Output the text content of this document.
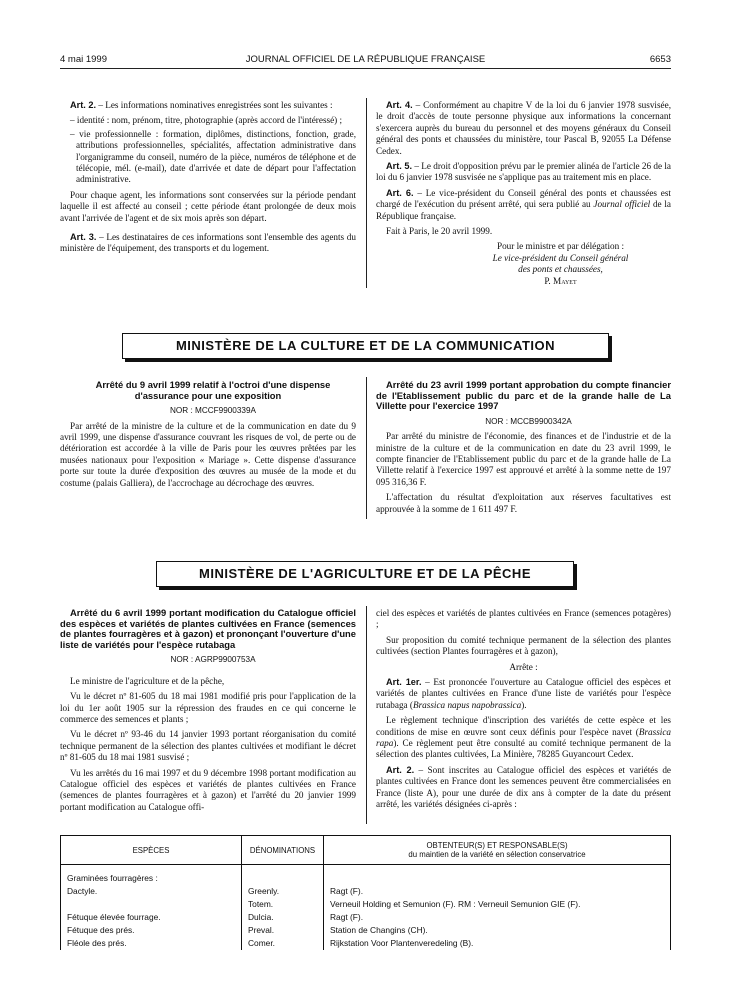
4 mai 1999	JOURNAL OFFICIEL DE LA RÉPUBLIQUE FRANÇAISE	6653

Art. 2. – Les informations nominatives enregistrées sont les suivantes :

– identité : nom, prénom, titre, photographie (après accord de l'intéressé) ;
– vie professionnelle : formation, diplômes, distinctions, fonction, grade, attributions professionnelles, spécialités, affectation administrative dans l'organigramme du conseil, numéro de la pièce, numéros de téléphone et de télécopie, mél. (e-mail), date d'arrivée et date de départ pour l'affectation administrative.

Pour chaque agent, les informations sont conservées sur la période pendant laquelle il est affecté au conseil ; cette période étant prolongée de deux mois avant l'arrivée de l'agent et de six mois après son départ.

Art. 3. – Les destinataires de ces informations sont l'ensemble des agents du ministère de l'équipement, des transports et du logement.

Art. 4. – Conformément au chapitre V de la loi du 6 janvier 1978 susvisée, le droit d'accès de toute personne physique aux informations la concernant s'exercera auprès du bureau du personnel et des moyens généraux du Conseil général des ponts et chaussées du ministère, tour Pascal B, 92055 La Défense Cedex.

Art. 5. – Le droit d'opposition prévu par le premier alinéa de l'article 26 de la loi du 6 janvier 1978 susvisée ne s'applique pas au traitement mis en place.

Art. 6. – Le vice-président du Conseil général des ponts et chaussées est chargé de l'exécution du présent arrêté, qui sera publié au Journal officiel de la République française.

Fait à Paris, le 20 avril 1999.

Pour le ministre et par délégation :
Le vice-président du Conseil général
des ponts et chaussées,
P. Mayet
MINISTÈRE DE LA CULTURE ET DE LA COMMUNICATION

Arrêté du 9 avril 1999 relatif à l'octroi d'une dispense d'assurance pour une exposition

NOR : MCCF9900339A

Par arrêté de la ministre de la culture et de la communication en date du 9 avril 1999, une dispense d'assurance couvrant les risques de vol, de perte ou de détérioration est accordée à la ville de Paris pour les œuvres prêtées par les musées nationaux pour l'exposition « Mariage ». Cette dispense d'assurance porte sur toute la durée d'exposition des œuvres au musée de la mode et du costume (palais Galliera), de l'accrochage au décrochage des œuvres.

Arrêté du 23 avril 1999 portant approbation du compte financier de l'Etablissement public du parc et de la grande halle de La Villette pour l'exercice 1997

NOR : MCCB9900342A

Par arrêté du ministre de l'économie, des finances et de l'industrie et de la ministre de la culture et de la communication en date du 23 avril 1999, le compte financier de l'Etablissement public du parc et de la grande halle de La Villette relatif à l'exercice 1997 est approuvé et arrêté à la somme nette de 197 095 316,36 F.

L'affectation du résultat d'exploitation aux réserves facultatives est approuvée à la somme de 1 611 497 F.

MINISTÈRE DE L'AGRICULTURE ET DE LA PÊCHE

Arrêté du 6 avril 1999 portant modification du Catalogue officiel des espèces et variétés de plantes cultivées en France (semences de plantes fourragères et à gazon) et prononçant l'ouverture d'une liste de variétés pour l'espèce rutabaga

NOR : AGRP9900753A

Le ministre de l'agriculture et de la pêche,

Vu le décret nº 81-605 du 18 mai 1981 modifié pris pour l'application de la loi du 1er août 1905 sur la répression des fraudes en ce qui concerne le commerce des semences et plants ;

Vu le décret nº 93-46 du 14 janvier 1993 portant réorganisation du comité technique permanent de la sélection des plantes cultivées et modifiant le décret nº 81-605 du 18 mai 1981 susvisé ;

Vu les arrêtés du 16 mai 1997 et du 9 décembre 1998 portant modification au Catalogue officiel des espèces et variétés de plantes cultivées en France (semences de plantes fourragères et à gazon) et l'arrêté du 20 janvier 1999 portant modification au Catalogue offi-

ciel des espèces et variétés de plantes cultivées en France (semences potagères) ;

Sur proposition du comité technique permanent de la sélection des plantes cultivées (section Plantes fourragères et à gazon),

Arrête :

Art. 1er. – Est prononcée l'ouverture au Catalogue officiel des espèces et variétés de plantes cultivées en France d'une liste de variétés pour l'espèce rutabaga (Brassica napus napobrassica).

Le règlement technique d'inscription des variétés de cette espèce et les conditions de mise en œuvre sont ceux définis pour l'espèce navet (Brassica rapa). Ce règlement peut être consulté au comité technique permanent de la sélection des plantes cultivées, La Minière, 78285 Guyancourt Cedex.

Art. 2. – Sont inscrites au Catalogue officiel des espèces et variétés de plantes cultivées en France dont les semences peuvent être commercialisées en France (liste A), pour une durée de dix ans à compter de la date du présent arrêté, les variétés désignées ci-après :

ESPÈCES	DÉNOMINATIONS	OBTENTEUR(S) ET RESPONSABLE(S)
du maintien de la variété en sélection conservatrice

Graminées fourragères :		
Dactyle.	Greenly.	Ragt (F).
	Totem.	Verneuil Holding et Semunion (F). RM : Verneuil Semunion GIE (F).
Fétuque élevée fourrage.	Dulcia.	Ragt (F).
Fétuque des prés.	Preval.	Station de Changins (CH).
Fléole des prés.	Comer.	Rijkstation Voor Plantenveredeling (B).
